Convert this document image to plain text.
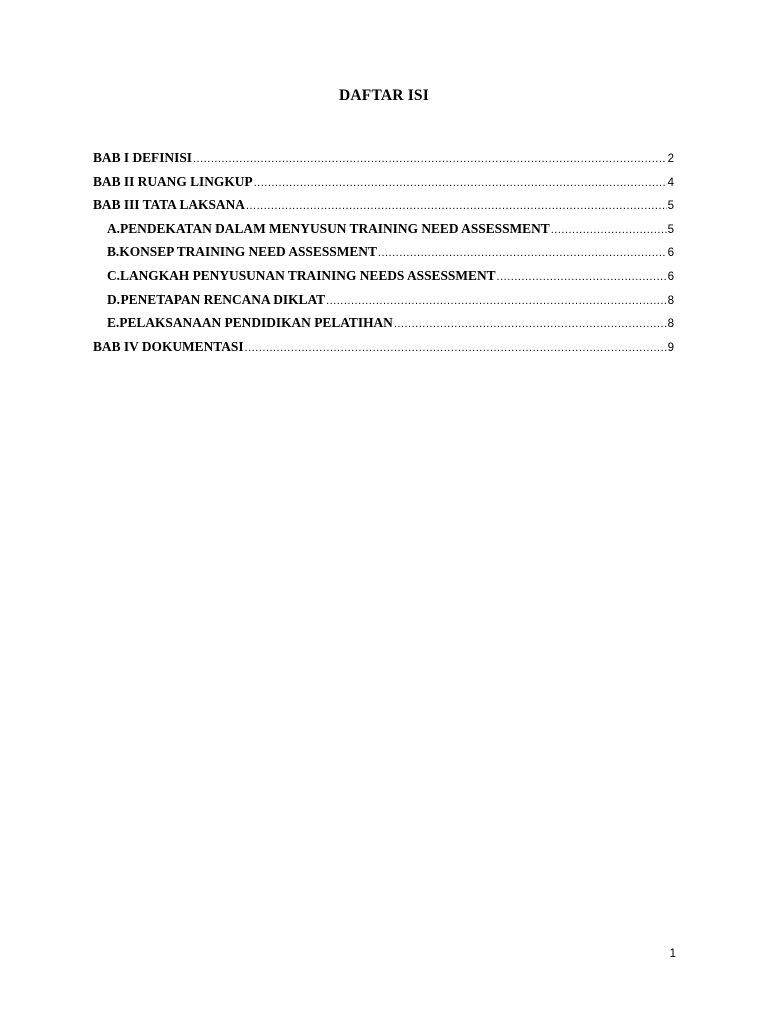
DAFTAR ISI
BAB I DEFINISI .....	2
BAB II RUANG LINGKUP .....	4
BAB III TATA LAKSANA .....	5
A. PENDEKATAN DALAM MENYUSUN TRAINING NEED ASSESSMENT .....	5
B. KONSEP TRAINING NEED ASSESSMENT .....	6
C. LANGKAH PENYUSUNAN TRAINING NEEDS ASSESSMENT .....	6
D. PENETAPAN RENCANA DIKLAT .....	8
E. PELAKSANAAN PENDIDIKAN PELATIHAN .....	8
BAB IV DOKUMENTASI .....	9
1
